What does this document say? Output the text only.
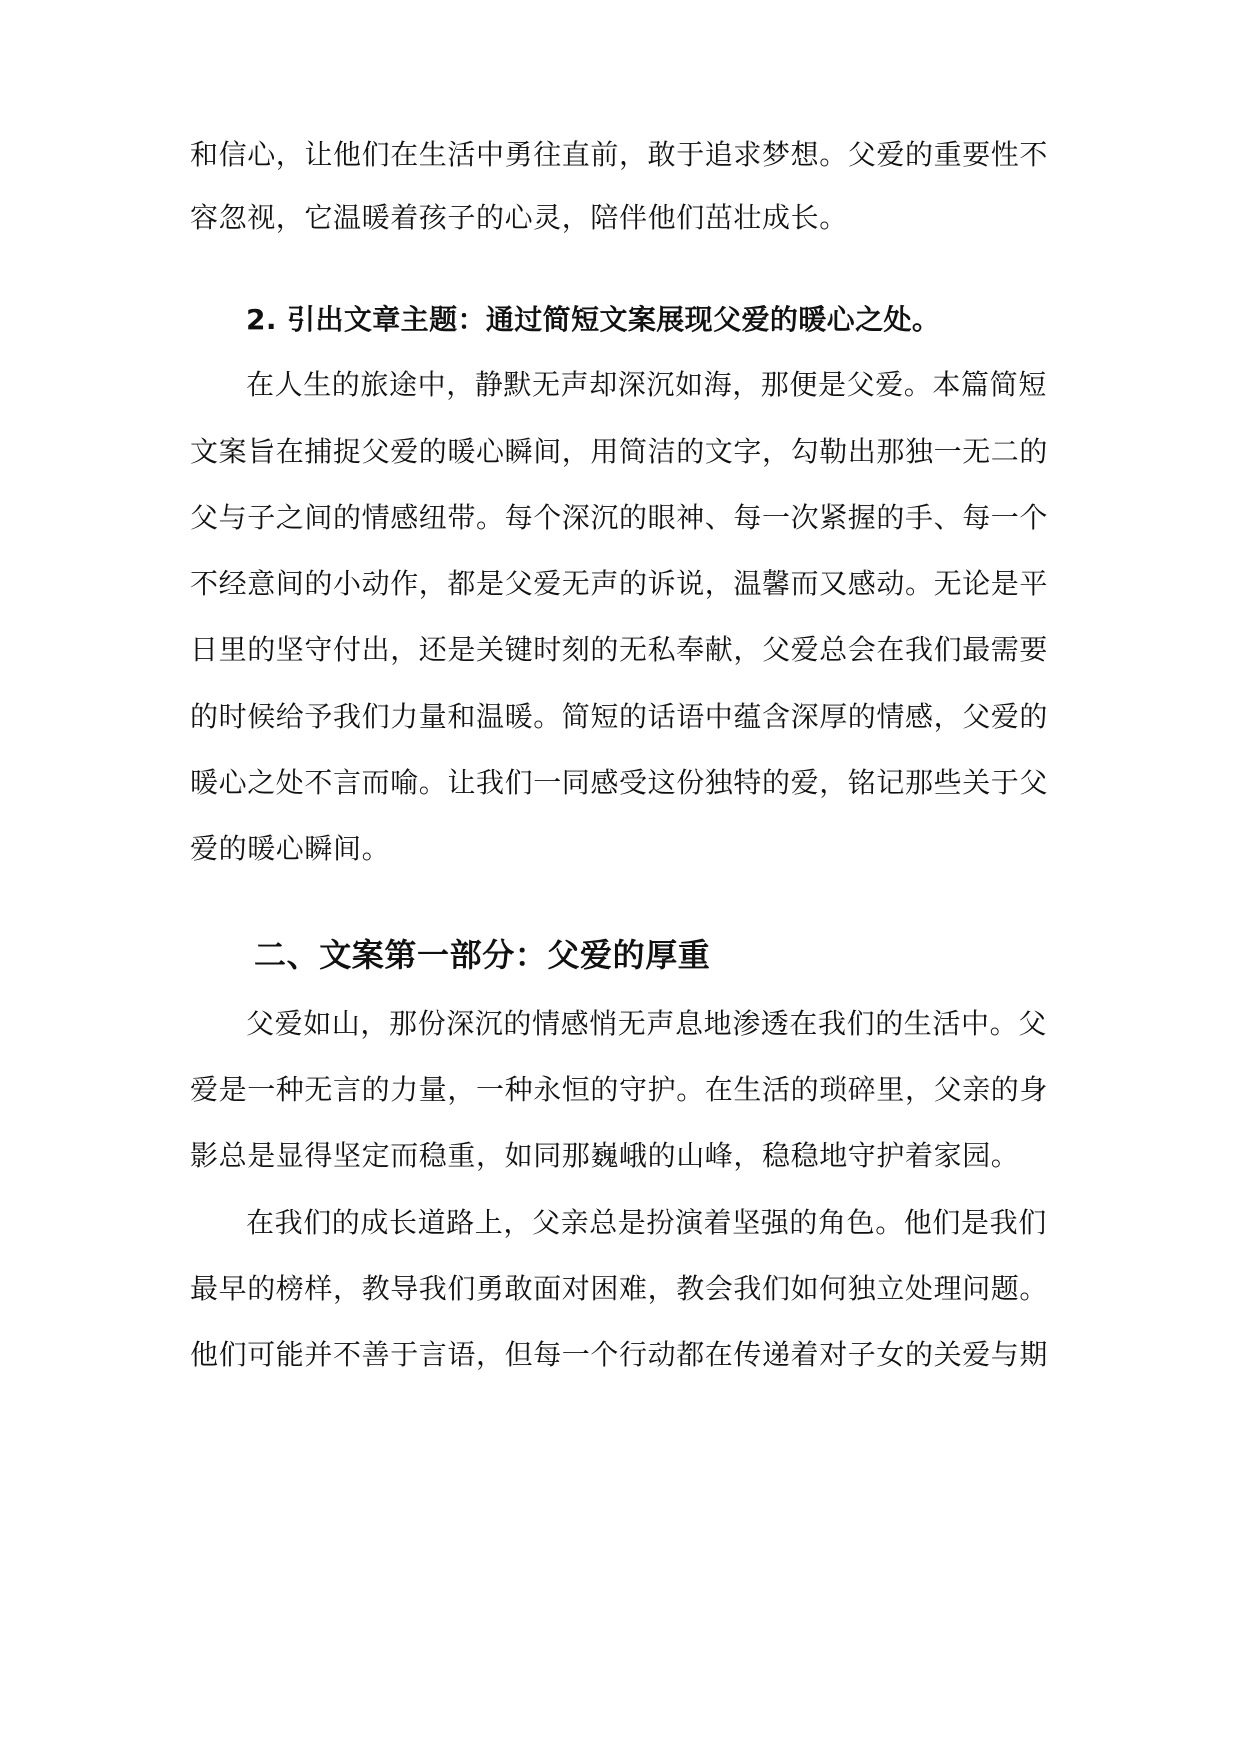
和信心，让他们在生活中勇往直前，敢于追求梦想。父爱的重要性不
容忽视，它温暖着孩子的心灵，陪伴他们茁壮成长。
2. 引出文章主题：通过简短文案展现父爱的暖心之处。
在人生的旅途中，静默无声却深沉如海，那便是父爱。本篇简短
文案旨在捕捉父爱的暖心瞬间，用简洁的文字，勾勒出那独一无二的
父与子之间的情感纽带。每个深沉的眼神、每一次紧握的手、每一个
不经意间的小动作，都是父爱无声的诉说，温馨而又感动。无论是平
日里的坚守付出，还是关键时刻的无私奉献，父爱总会在我们最需要
的时候给予我们力量和温暖。简短的话语中蕴含深厚的情感，父爱的
暖心之处不言而喻。让我们一同感受这份独特的爱，铭记那些关于父
爱的暖心瞬间。
二、文案第一部分：父爱的厚重
父爱如山，那份深沉的情感悄无声息地渗透在我们的生活中。父
爱是一种无言的力量，一种永恒的守护。在生活的琐碎里，父亲的身
影总是显得坚定而稳重，如同那巍峨的山峰，稳稳地守护着家园。
在我们的成长道路上，父亲总是扮演着坚强的角色。他们是我们
最早的榜样，教导我们勇敢面对困难，教会我们如何独立处理问题。
他们可能并不善于言语，但每一个行动都在传递着对子女的关爱与期
